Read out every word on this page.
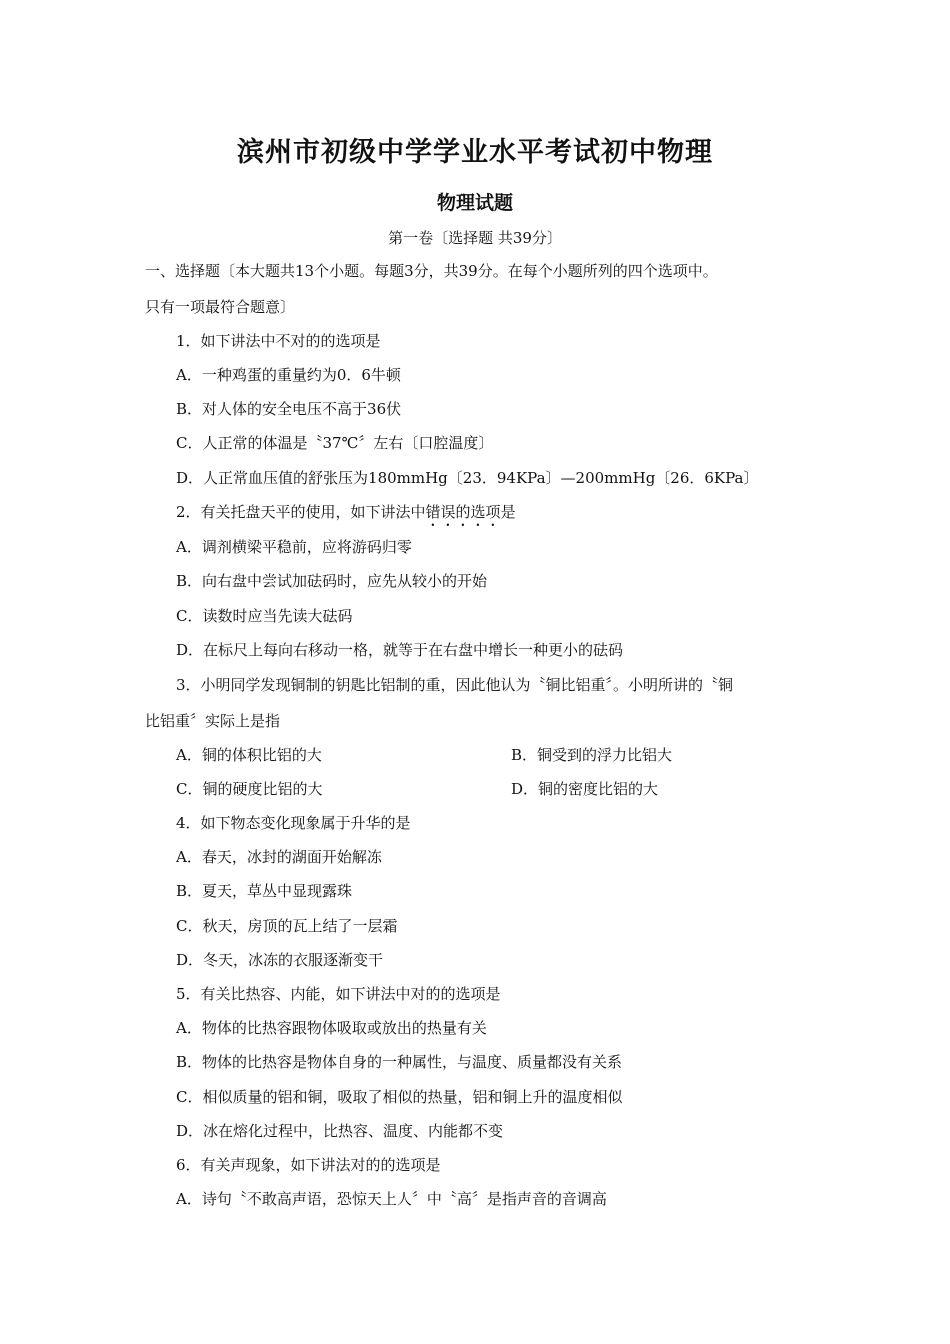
滨州市初级中学学业水平考试初中物理
物理试题
第一卷〔选择题 共39分〕
一、选择题〔本大题共13个小题。每题3分，共39分。在每个小题所列的四个选项中。
只有一项最符合题意〕
1．如下讲法中不对的的选项是
A．一种鸡蛋的重量约为0．6牛顿
B．对人体的安全电压不高于36伏
C．人正常的体温是〝37℃〞左右〔口腔温度〕
D．人正常血压值的舒张压为180mmHg〔23．94KPa〕—200mmHg〔26．6KPa〕
2．有关托盘天平的使用，如下讲法中错误的选项是
A．调剂横梁平稳前，应将游码归零
B．向右盘中尝试加砝码时，应先从较小的开始
C．读数时应当先读大砝码
D．在标尺上每向右移动一格，就等于在右盘中增长一种更小的砝码
3．小明同学发现铜制的钥匙比铝制的重，因此他认为〝铜比铝重〞。小明所讲的〝铜
比铝重〞实际上是指
A．铜的体积比铝的大	B．铜受到的浮力比铝大
C．铜的硬度比铝的大	D．铜的密度比铝的大
4．如下物态变化现象属于升华的是
A．春天，冰封的湖面开始解冻
B．夏天，草丛中显现露珠
C．秋天，房顶的瓦上结了一层霜
D．冬天，冰冻的衣服逐渐变干
5．有关比热容、内能，如下讲法中对的的选项是
A．物体的比热容跟物体吸取或放出的热量有关
B．物体的比热容是物体自身的一种属性，与温度、质量都没有关系
C．相似质量的铝和铜，吸取了相似的热量，铝和铜上升的温度相似
D．冰在熔化过程中，比热容、温度、内能都不变
6．有关声现象，如下讲法对的的选项是
A．诗句〝不敢高声语，恐惊天上人〞中〝高〞是指声音的音调高
